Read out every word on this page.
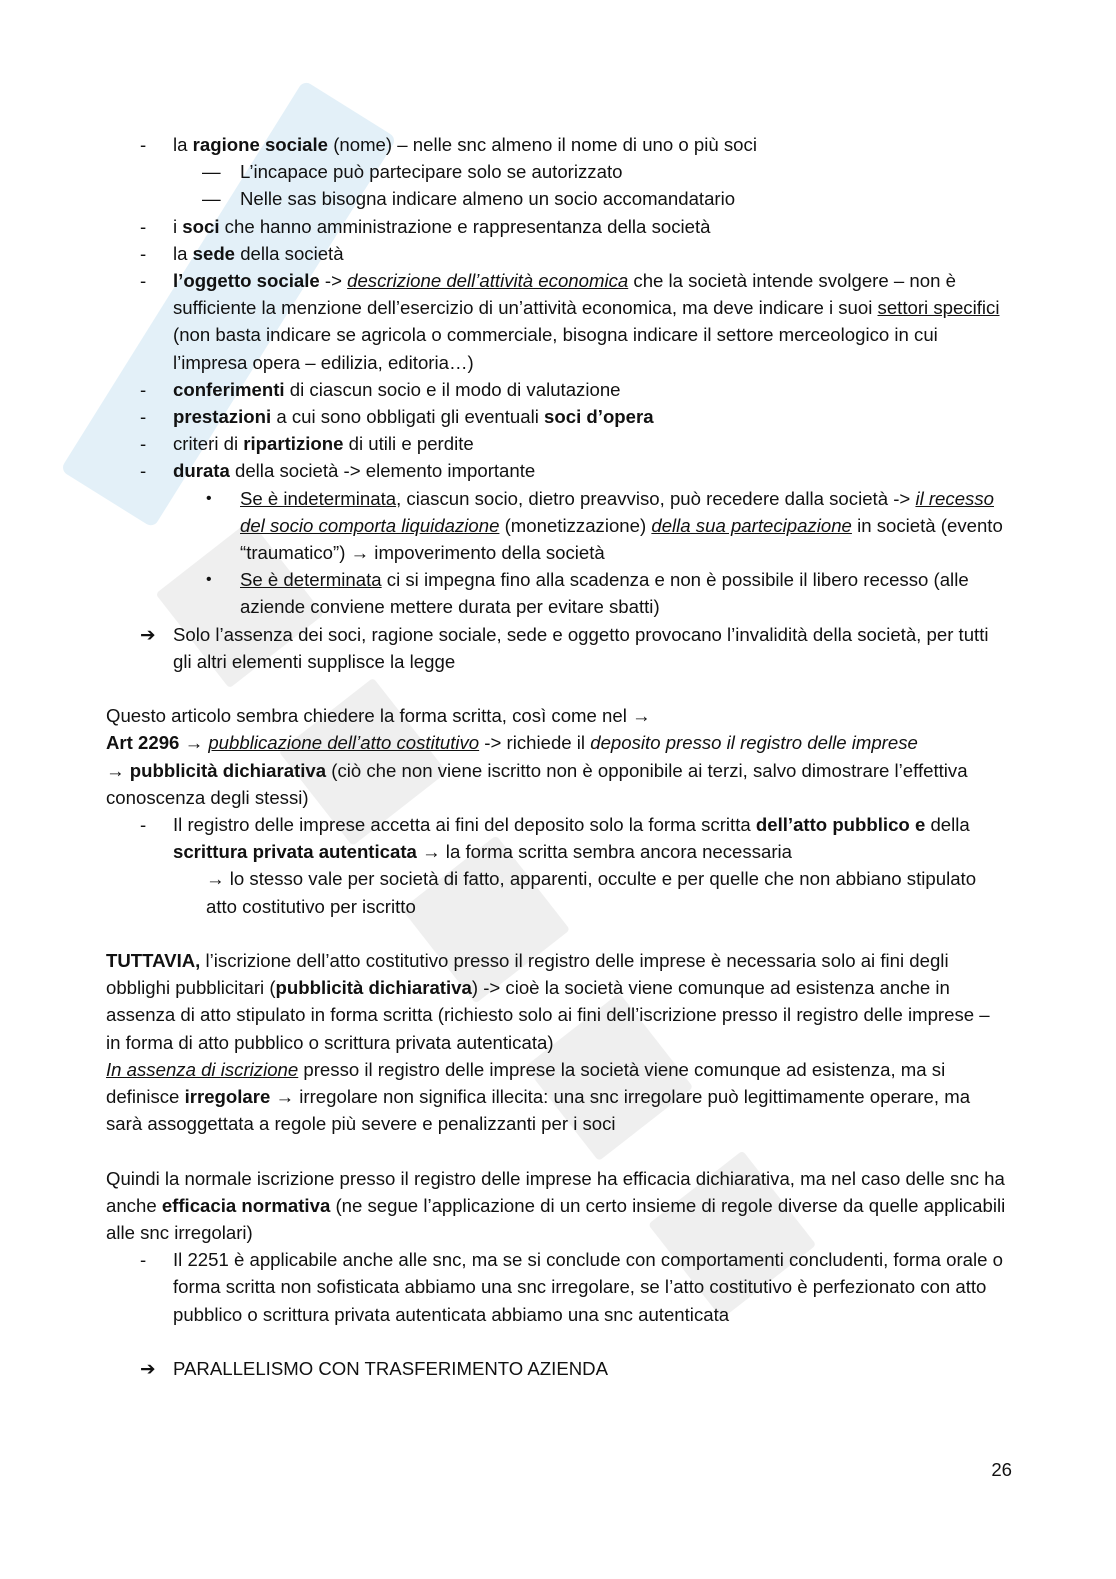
-	la ragione sociale (nome) – nelle snc almeno il nome di uno o più soci
—	L’incapace può partecipare solo se autorizzato
—	Nelle sas bisogna indicare almeno un socio accomandatario
-	i soci che hanno amministrazione e rappresentanza della società
-	la sede della società
-	l’oggetto sociale -> descrizione dell’attività economica che la società intende svolgere – non è sufficiente la menzione dell’esercizio di un’attività economica, ma deve indicare i suoi settori specifici (non basta indicare se agricola o commerciale, bisogna indicare il settore merceologico in cui l’impresa opera – edilizia, editoria…)
-	conferimenti di ciascun socio e il modo di valutazione
-	prestazioni a cui sono obbligati gli eventuali soci d’opera
-	criteri di ripartizione di utili e perdite
-	durata della società -> elemento importante
• Se è indeterminata, ciascun socio, dietro preavviso, può recedere dalla società -> il recesso del socio comporta liquidazione (monetizzazione) della sua partecipazione in società (evento “traumatico”) → impoverimento della società
• Se è determinata ci si impegna fino alla scadenza e non è possibile il libero recesso (alle aziende conviene mettere durata per evitare sbatti)
➔ Solo l’assenza dei soci, ragione sociale, sede e oggetto provocano l’invalidità della società, per tutti gli altri elementi supplisce la legge

Questo articolo sembra chiedere la forma scritta, così come nel →
Art 2296 → pubblicazione dell’atto costitutivo -> richiede il deposito presso il registro delle imprese
→ pubblicità dichiarativa (ciò che non viene iscritto non è opponibile ai terzi, salvo dimostrare l’effettiva conoscenza degli stessi)

-	Il registro delle imprese accetta ai fini del deposito solo la forma scritta dell’atto pubblico e della scrittura privata autenticata → la forma scritta sembra ancora necessaria

→ lo stesso vale per società di fatto, apparenti, occulte e per quelle che non abbiano stipulato atto costitutivo per iscritto

TUTTAVIA, l’iscrizione dell’atto costitutivo presso il registro delle imprese è necessaria solo ai fini degli obblighi pubblicitari (pubblicità dichiarativa) -> cioè la società viene comunque ad esistenza anche in assenza di atto stipulato in forma scritta (richiesto solo ai fini dell’iscrizione presso il registro delle imprese – in forma di atto pubblico o scrittura privata autenticata)
In assenza di iscrizione presso il registro delle imprese la società viene comunque ad esistenza, ma si definisce irregolare → irregolare non significa illecita: una snc irregolare può legittimamente operare, ma sarà assoggettata a regole più severe e penalizzanti per i soci

Quindi la normale iscrizione presso il registro delle imprese ha efficacia dichiarativa, ma nel caso delle snc ha anche efficacia normativa (ne segue l’applicazione di un certo insieme di regole diverse da quelle applicabili alle snc irregolari)

-	Il 2251 è applicabile anche alle snc, ma se si conclude con comportamenti concludenti, forma orale o forma scritta non sofisticata abbiamo una snc irregolare, se l’atto costitutivo è perfezionato con atto pubblico o scrittura privata autenticata abbiamo una snc autenticata
➔ PARALLELISMO CON TRASFERIMENTO AZIENDA
26
